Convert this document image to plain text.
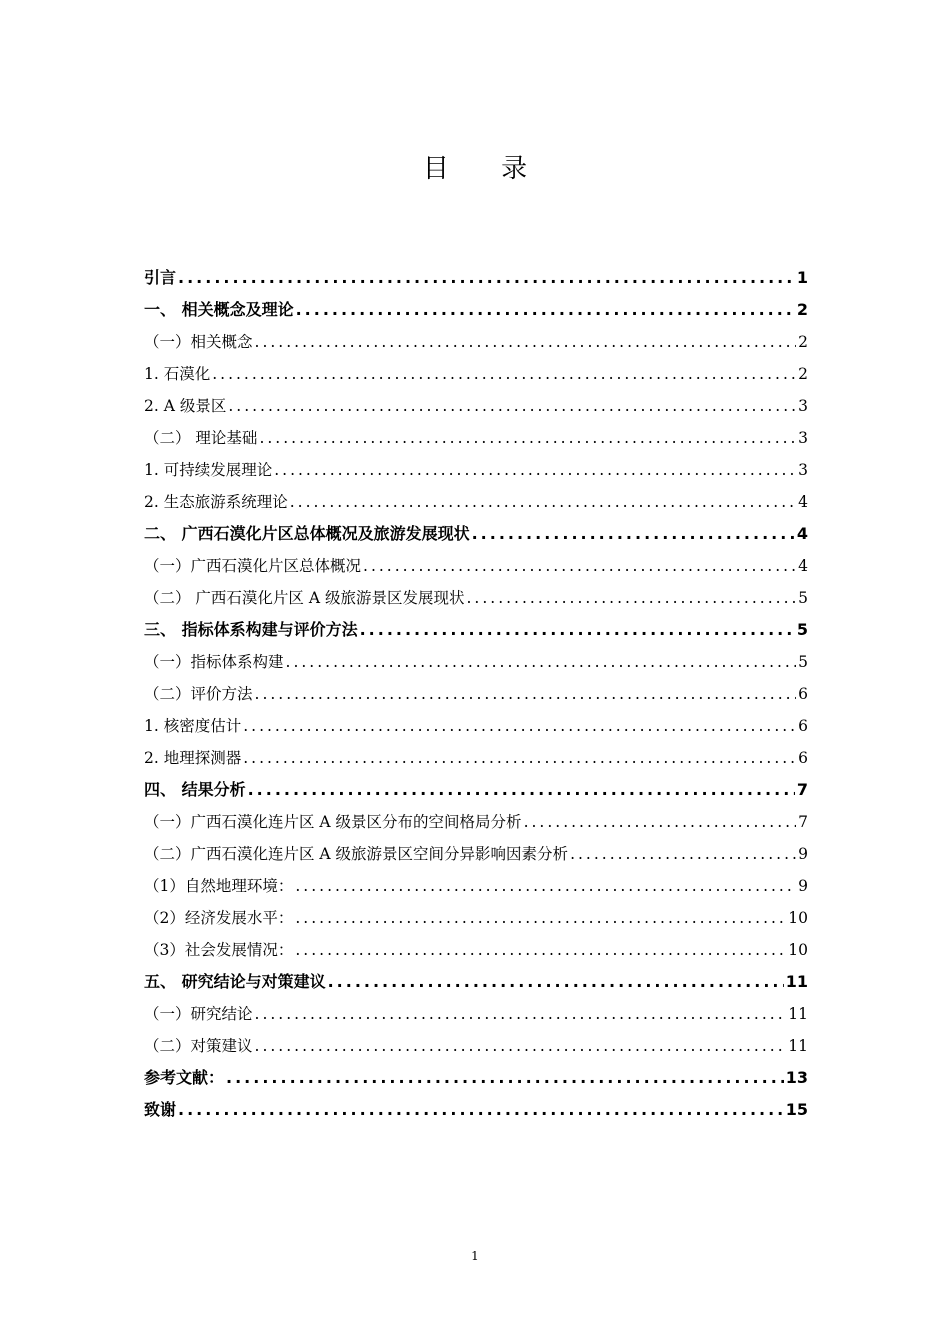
目 录
引言 .....	1
一、 相关概念及理论 .....	2
（一）相关概念 .....	2
1. 石漠化 .....	2
2. A 级景区 .....	3
（二） 理论基础 .....	3
1. 可持续发展理论 .....	3
2. 生态旅游系统理论 .....	4
二、 广西石漠化片区总体概况及旅游发展现状 .....	4
（一）广西石漠化片区总体概况 .....	4
（二） 广西石漠化片区 A 级旅游景区发展现状 .....	5
三、 指标体系构建与评价方法 .....	5
（一）指标体系构建 .....	5
（二）评价方法 .....	6
1. 核密度估计 .....	6
2. 地理探测器 .....	6
四、 结果分析 .....	7
（一）广西石漠化连片区 A 级景区分布的空间格局分析 .....	7
（二）广西石漠化连片区 A 级旅游景区空间分异影响因素分析 .....	9
（1）自然地理环境： .....	9
（2）经济发展水平： .....	10
（3）社会发展情况： .....	10
五、 研究结论与对策建议 .....	11
（一）研究结论 .....	11
（二）对策建议 .....	11
参考文献： .....	13
致谢 .....	15
1
